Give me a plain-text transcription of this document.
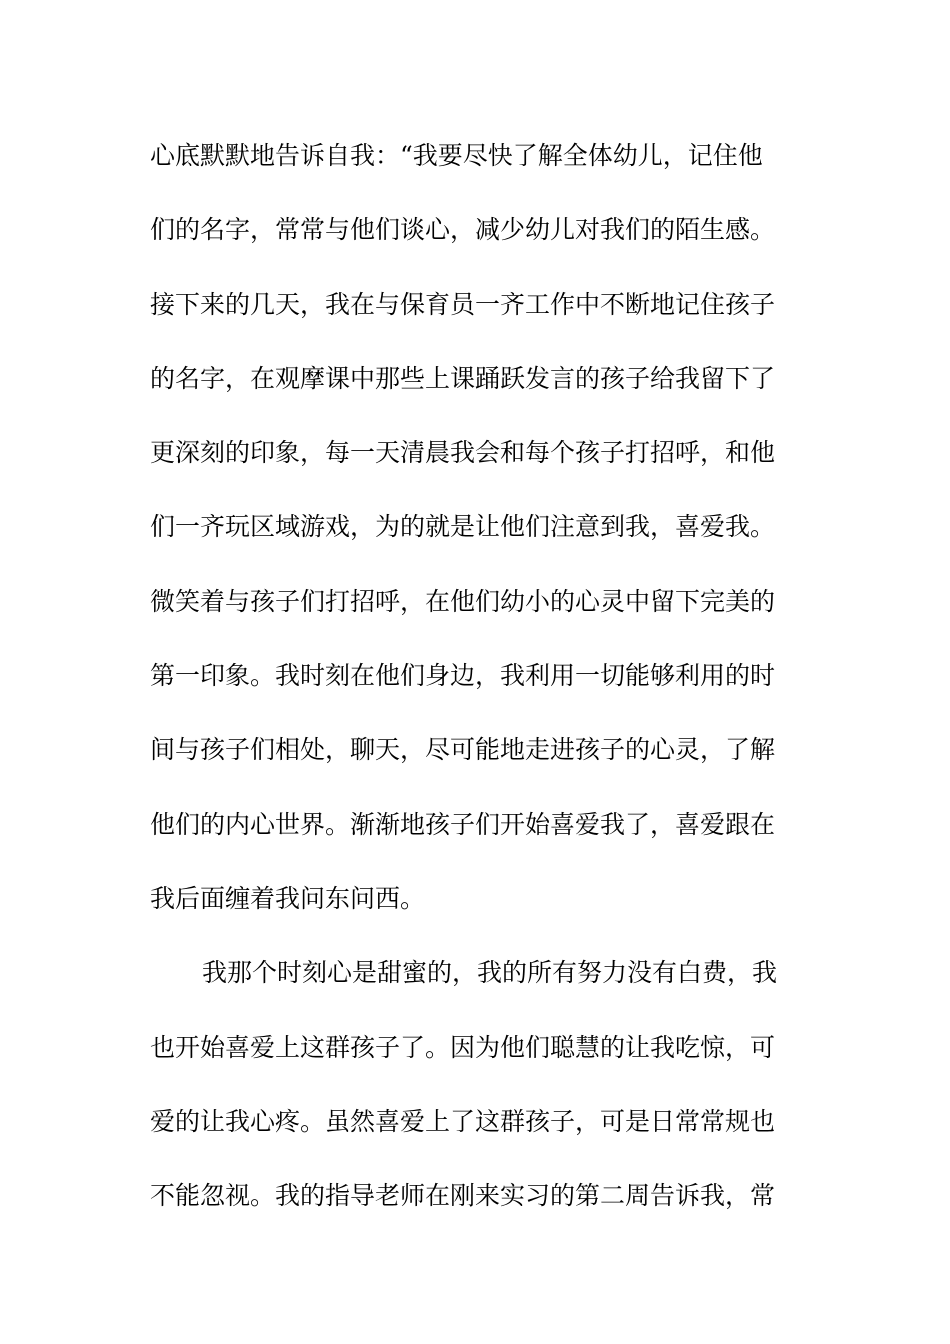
心底默默地告诉自我：“我要尽快了解全体幼儿，记住他
们的名字，常常与他们谈心，减少幼儿对我们的陌生感。
接下来的几天，我在与保育员一齐工作中不断地记住孩子
的名字，在观摩课中那些上课踊跃发言的孩子给我留下了
更深刻的印象，每一天清晨我会和每个孩子打招呼，和他
们一齐玩区域游戏，为的就是让他们注意到我，喜爱我。
微笑着与孩子们打招呼，在他们幼小的心灵中留下完美的
第一印象。我时刻在他们身边，我利用一切能够利用的时
间与孩子们相处，聊天，尽可能地走进孩子的心灵，了解
他们的内心世界。渐渐地孩子们开始喜爱我了，喜爱跟在
我后面缠着我问东问西。
我那个时刻心是甜蜜的，我的所有努力没有白费，我
也开始喜爱上这群孩子了。因为他们聪慧的让我吃惊，可
爱的让我心疼。虽然喜爱上了这群孩子，可是日常常规也
不能忽视。我的指导老师在刚来实习的第二周告诉我，常
